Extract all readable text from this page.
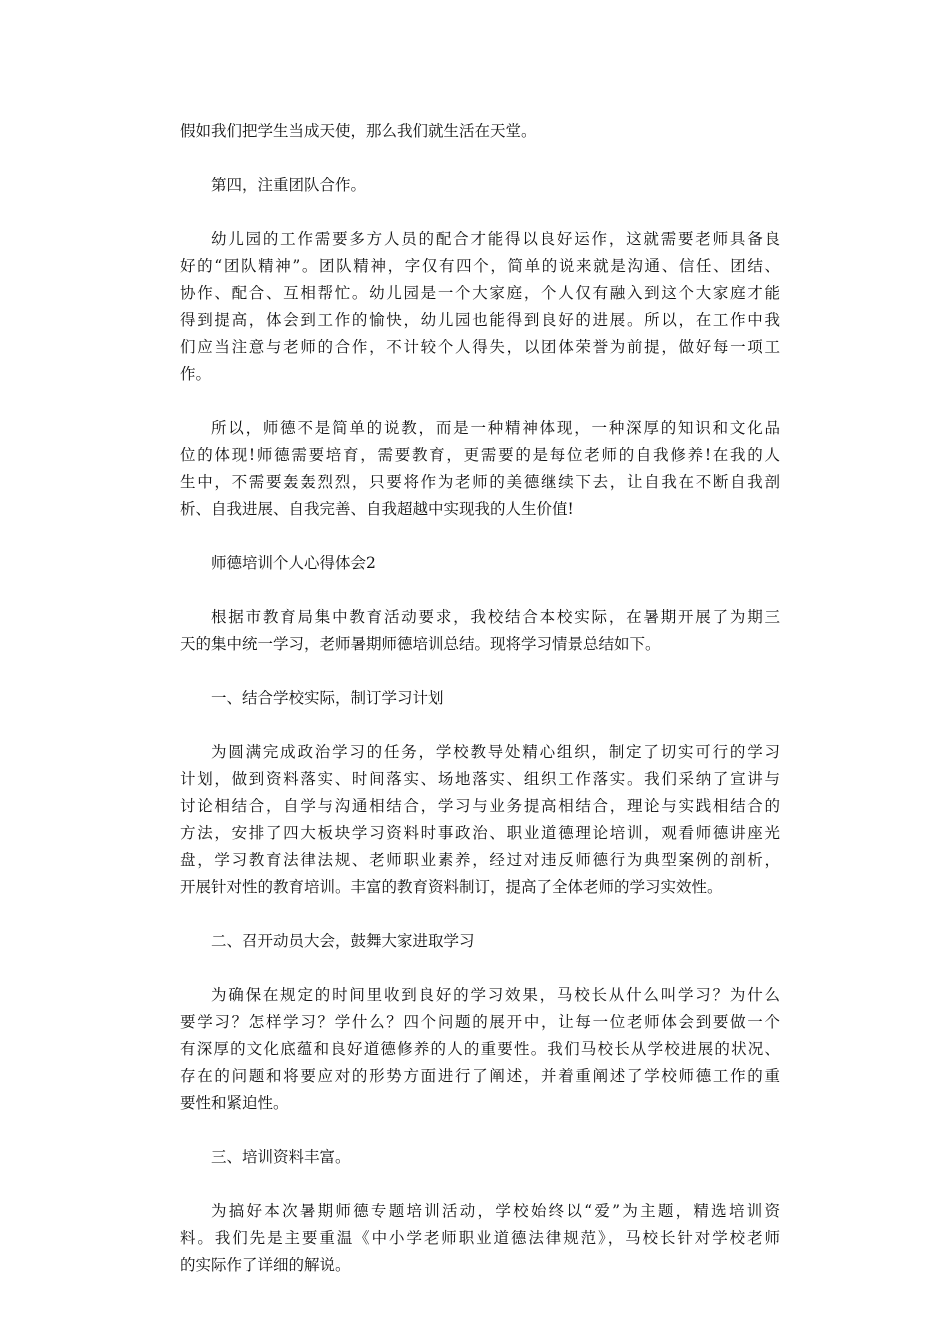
假如我们把学生当成天使，那么我们就生活在天堂。
第四，注重团队合作。
幼儿园的工作需要多方人员的配合才能得以良好运作，这就需要老师具备良
好的“团队精神”。团队精神，字仅有四个，简单的说来就是沟通、信任、团结、
协作、配合、互相帮忙。幼儿园是一个大家庭，个人仅有融入到这个大家庭才能
得到提高，体会到工作的愉快，幼儿园也能得到良好的进展。所以，在工作中我
们应当注意与老师的合作，不计较个人得失，以团体荣誉为前提，做好每一项工
作。
所以，师德不是简单的说教，而是一种精神体现，一种深厚的知识和文化品
位的体现!师德需要培育，需要教育，更需要的是每位老师的自我修养!在我的人
生中，不需要轰轰烈烈，只要将作为老师的美德继续下去，让自我在不断自我剖
析、自我进展、自我完善、自我超越中实现我的人生价值!
师德培训个人心得体会2
根据市教育局集中教育活动要求，我校结合本校实际，在暑期开展了为期三
天的集中统一学习，老师暑期师德培训总结。现将学习情景总结如下。
一、结合学校实际，制订学习计划
为圆满完成政治学习的任务，学校教导处精心组织，制定了切实可行的学习
计划，做到资料落实、时间落实、场地落实、组织工作落实。我们采纳了宣讲与
讨论相结合，自学与沟通相结合，学习与业务提高相结合，理论与实践相结合的
方法，安排了四大板块学习资料时事政治、职业道德理论培训，观看师德讲座光
盘，学习教育法律法规、老师职业素养，经过对违反师德行为典型案例的剖析，
开展针对性的教育培训。丰富的教育资料制订，提高了全体老师的学习实效性。
二、召开动员大会，鼓舞大家进取学习
为确保在规定的时间里收到良好的学习效果，马校长从什么叫学习？为什么
要学习？怎样学习？学什么？四个问题的展开中，让每一位老师体会到要做一个
有深厚的文化底蕴和良好道德修养的人的重要性。我们马校长从学校进展的状况、
存在的问题和将要应对的形势方面进行了阐述，并着重阐述了学校师德工作的重
要性和紧迫性。
三、培训资料丰富。
为搞好本次暑期师德专题培训活动，学校始终以“爱”为主题，精选培训资
料。我们先是主要重温《中小学老师职业道德法律规范》，马校长针对学校老师
的实际作了详细的解说。
